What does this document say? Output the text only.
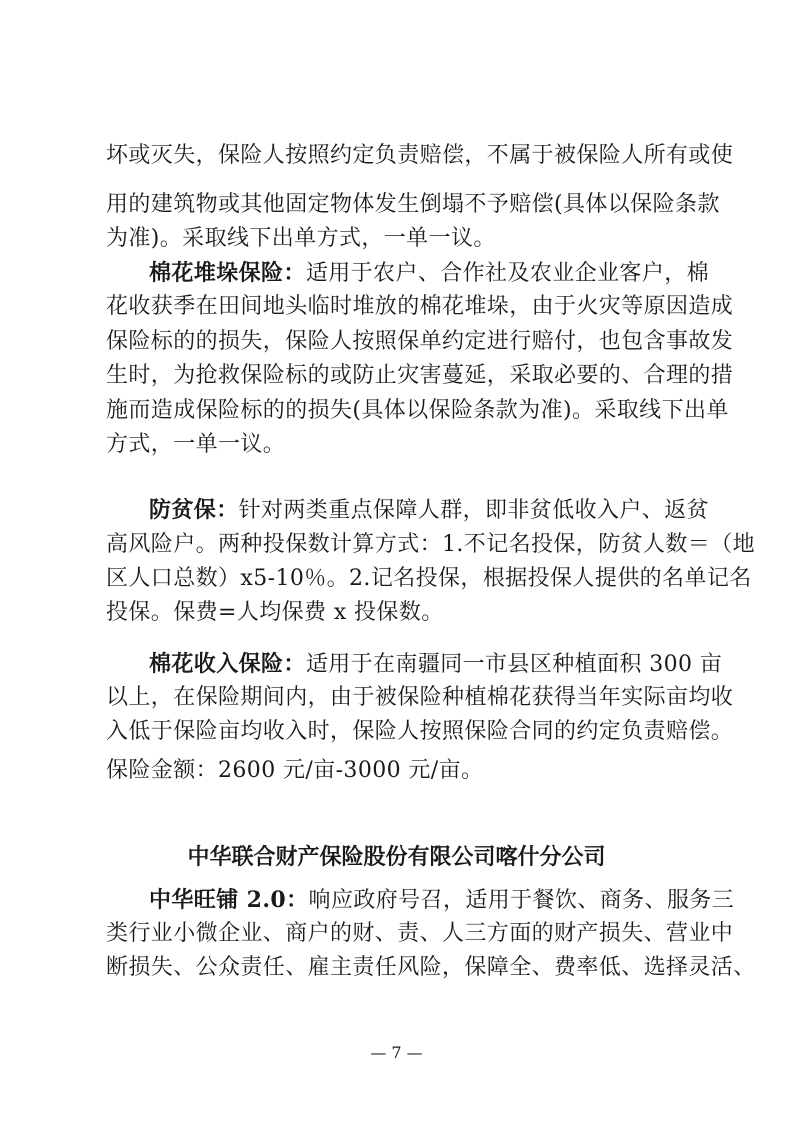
坏或灭失，保险人按照约定负责赔偿，不属于被保险人所有或使
用的建筑物或其他固定物体发生倒塌不予赔偿(具体以保险条款
为准)。采取线下出单方式，一单一议。
棉花堆垛保险：适用于农户、合作社及农业企业客户，棉
花收获季在田间地头临时堆放的棉花堆垛，由于火灾等原因造成
保险标的的损失，保险人按照保单约定进行赔付，也包含事故发
生时，为抢救保险标的或防止灾害蔓延，采取必要的、合理的措
施而造成保险标的的损失(具体以保险条款为准)。采取线下出单
方式，一单一议。
防贫保：针对两类重点保障人群，即非贫低收入户、返贫
高风险户。两种投保数计算方式：1.不记名投保，防贫人数＝（地
区人口总数）x5-10％。2.记名投保，根据投保人提供的名单记名
投保。保费=人均保费 x 投保数。
棉花收入保险：适用于在南疆同一市县区种植面积 300 亩
以上，在保险期间内，由于被保险种植棉花获得当年实际亩均收
入低于保险亩均收入时，保险人按照保险合同的约定负责赔偿。
保险金额：2600 元/亩-3000 元/亩。
中华联合财产保险股份有限公司喀什分公司
中华旺铺 2.0：响应政府号召，适用于餐饮、商务、服务三
类行业小微企业、商户的财、责、人三方面的财产损失、营业中
断损失、公众责任、雇主责任风险，保障全、费率低、选择灵活、
— 7 —
